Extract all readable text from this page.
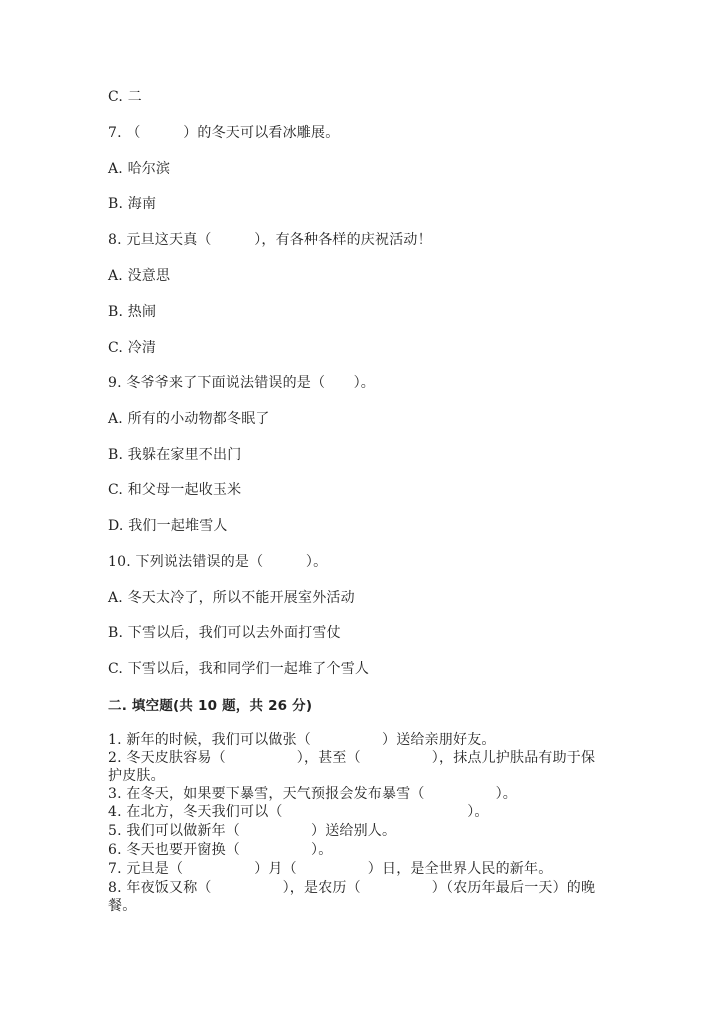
C. 二
7. （　　　）的冬天可以看冰雕展。
A. 哈尔滨
B. 海南
8. 元旦这天真（　　　），有各种各样的庆祝活动！
A. 没意思
B. 热闹
C. 冷清
9. 冬爷爷来了下面说法错误的是（　　）。
A. 所有的小动物都冬眠了
B. 我躲在家里不出门
C. 和父母一起收玉米
D. 我们一起堆雪人
10. 下列说法错误的是（　　　）。
A. 冬天太冷了，所以不能开展室外活动
B. 下雪以后，我们可以去外面打雪仗
C. 下雪以后，我和同学们一起堆了个雪人
二. 填空题(共 10 题，共 26 分)
1. 新年的时候，我们可以做张（　　　　　）送给亲朋好友。
2. 冬天皮肤容易（　　　　　），甚至（　　　　　），抹点儿护肤品有助于保
护皮肤。
3. 在冬天，如果要下暴雪，天气预报会发布暴雪（　　　　　）。
4. 在北方，冬天我们可以（　　　　　　　　　　　　　）。
5. 我们可以做新年（　　　　　）送给别人。
6. 冬天也要开窗换（　　　　　）。
7. 元旦是（　　　　　）月（　　　　　）日，是全世界人民的新年。
8. 年夜饭又称（　　　　　），是农历（　　　　　）（农历年最后一天）的晚
餐。
